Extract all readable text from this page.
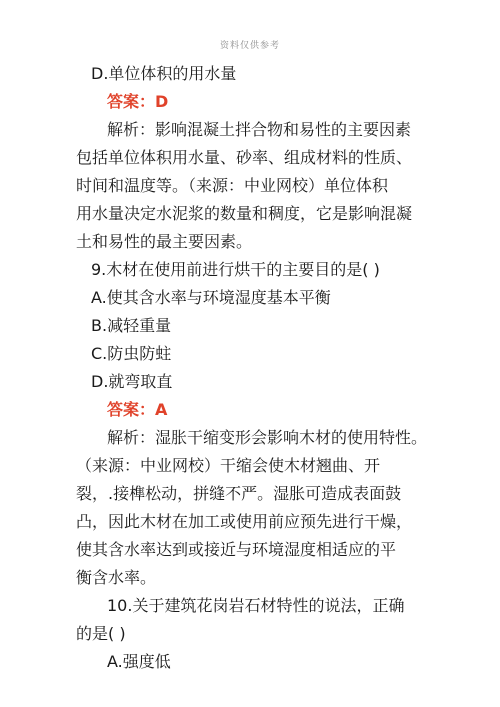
资料仅供参考
D.单位体积的用水量
答案：D
解析：影响混凝土拌合物和易性的主要因素
包括单位体积用水量、砂率、组成材料的性质、
时间和温度等。（来源：中业网校）单位体积
用水量决定水泥浆的数量和稠度，它是影响混凝
土和易性的最主要因素。
9.木材在使用前进行烘干的主要目的是( )
A.使其含水率与环境湿度基本平衡
B.减轻重量
C.防虫防蛀
D.就弯取直
答案：A
解析：湿胀干缩变形会影响木材的使用特性。
（来源：中业网校）干缩会使木材翘曲、开
裂，.接榫松动，拼缝不严。湿胀可造成表面鼓
凸，因此木材在加工或使用前应预先进行干燥，
使其含水率达到或接近与环境湿度相适应的平
衡含水率。
10.关于建筑花岗岩石材特性的说法，正确
的是( )
A.强度低
